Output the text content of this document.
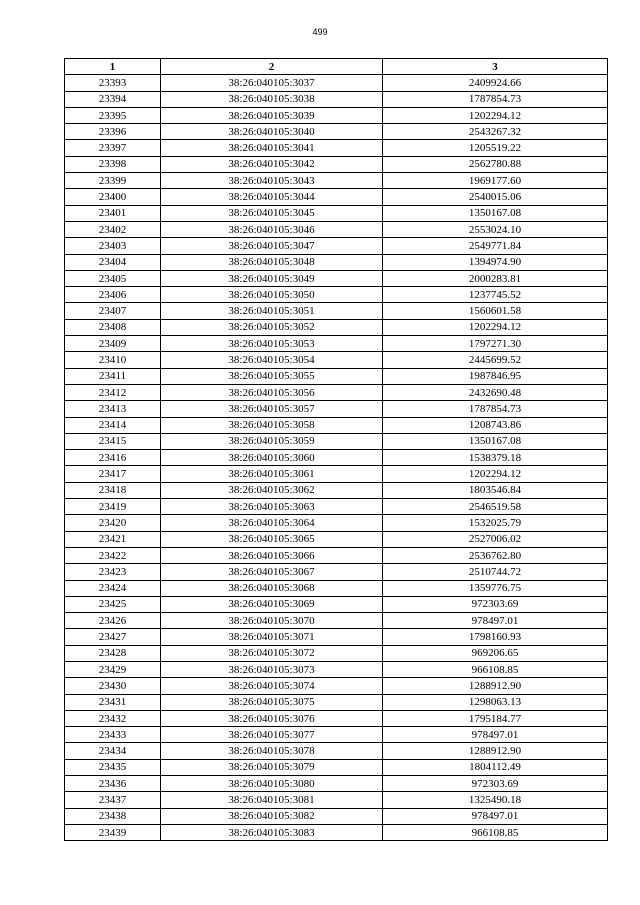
499
1	2	3
23393	38:26:040105:3037	2409924.66
23394	38:26:040105:3038	1787854.73
23395	38:26:040105:3039	1202294.12
23396	38:26:040105:3040	2543267.32
23397	38:26:040105:3041	1205519.22
23398	38:26:040105:3042	2562780.88
23399	38:26:040105:3043	1969177.60
23400	38:26:040105:3044	2540015.06
23401	38:26:040105:3045	1350167.08
23402	38:26:040105:3046	2553024.10
23403	38:26:040105:3047	2549771.84
23404	38:26:040105:3048	1394974.90
23405	38:26:040105:3049	2000283.81
23406	38:26:040105:3050	1237745.52
23407	38:26:040105:3051	1560601.58
23408	38:26:040105:3052	1202294.12
23409	38:26:040105:3053	1797271.30
23410	38:26:040105:3054	2445699.52
23411	38:26:040105:3055	1987846.95
23412	38:26:040105:3056	2432690.48
23413	38:26:040105:3057	1787854.73
23414	38:26:040105:3058	1208743.86
23415	38:26:040105:3059	1350167.08
23416	38:26:040105:3060	1538379.18
23417	38:26:040105:3061	1202294.12
23418	38:26:040105:3062	1803546.84
23419	38:26:040105:3063	2546519.58
23420	38:26:040105:3064	1532025.79
23421	38:26:040105:3065	2527006.02
23422	38:26:040105:3066	2536762.80
23423	38:26:040105:3067	2510744.72
23424	38:26:040105:3068	1359776.75
23425	38:26:040105:3069	972303.69
23426	38:26:040105:3070	978497.01
23427	38:26:040105:3071	1798160.93
23428	38:26:040105:3072	969206.65
23429	38:26:040105:3073	966108.85
23430	38:26:040105:3074	1288912.90
23431	38:26:040105:3075	1298063.13
23432	38:26:040105:3076	1795184.77
23433	38:26:040105:3077	978497.01
23434	38:26:040105:3078	1288912.90
23435	38:26:040105:3079	1804112.49
23436	38:26:040105:3080	972303.69
23437	38:26:040105:3081	1325490.18
23438	38:26:040105:3082	978497.01
23439	38:26:040105:3083	966108.85
